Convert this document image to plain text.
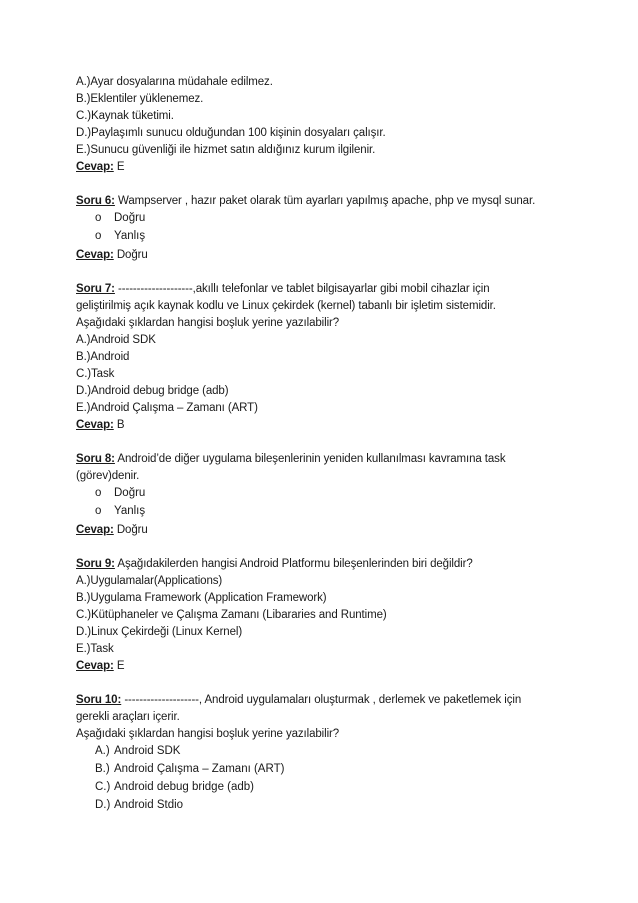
A.)Ayar dosyalarına müdahale edilmez.
B.)Eklentiler yüklenemez.
C.)Kaynak tüketimi.
D.)Paylaşımlı sunucu olduğundan 100 kişinin dosyaları çalışır.
E.)Sunucu güvenliği ile hizmet satın aldığınız kurum ilgilenir.
Cevap: E
Soru 6: Wampserver , hazır paket olarak tüm ayarları yapılmış apache, php ve mysql sunar.
o Doğru
o Yanlış
Cevap: Doğru
Soru 7: --------------------,akıllı telefonlar ve tablet bilgisayarlar gibi mobil cihazlar için
geliştirilmiş açık kaynak kodlu ve Linux çekirdek (kernel) tabanlı bir işletim sistemidir.
Aşağıdaki şıklardan hangisi boşluk yerine yazılabilir?
A.)Android SDK
B.)Android
C.)Task
D.)Android debug bridge (adb)
E.)Android Çalışma – Zamanı (ART)
Cevap: B
Soru 8: Android’de diğer uygulama bileşenlerinin yeniden kullanılması kavramına task
(görev)denir.
o Doğru
o Yanlış
Cevap: Doğru
Soru 9: Aşağıdakilerden hangisi Android Platformu bileşenlerinden biri değildir?
A.)Uygulamalar(Applications)
B.)Uygulama Framework (Application Framework)
C.)Kütüphaneler ve Çalışma Zamanı (Libararies and Runtime)
D.)Linux Çekirdeği (Linux Kernel)
E.)Task
Cevap: E
Soru 10: --------------------, Android uygulamaları oluşturmak , derlemek ve paketlemek için
gerekli araçları içerir.
Aşağıdaki şıklardan hangisi boşluk yerine yazılabilir?
A.) Android SDK
B.) Android Çalışma – Zamanı (ART)
C.) Android debug bridge (adb)
D.) Android Stdio
